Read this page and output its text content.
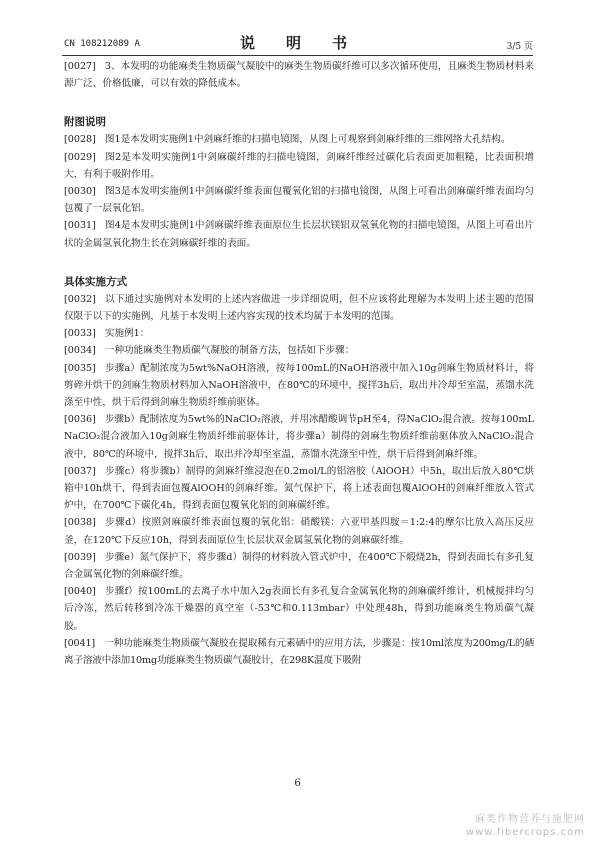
CN 108212089 A	说　明　书	3/5 页

[0027] 3、本发明的功能麻类生物质碳气凝胶中的麻类生物质碳纤维可以多次循环使用，且麻类生物质材料来源广泛、价格低廉，可以有效的降低成本。

附图说明

[0028] 图1是本发明实施例1中剑麻纤维的扫描电镜图，从图上可观察到剑麻纤维的三维网络大孔结构。

[0029] 图2是本发明实施例1中剑麻碳纤维的扫描电镜图，剑麻纤维经过碳化后表面更加粗糙，比表面积增大，有利于吸附作用。

[0030] 图3是本发明实施例1中剑麻碳纤维表面包覆氧化铝的扫描电镜图，从图上可看出剑麻碳纤维表面均匀包覆了一层氧化铝。

[0031] 图4是本发明实施例1中剑麻碳纤维表面原位生长层状镁铝双氢氧化物的扫描电镜图，从图上可看出片状的金属氢氧化物生长在剑麻碳纤维的表面。

具体实施方式

[0032] 以下通过实施例对本发明的上述内容做进一步详细说明，但不应该将此理解为本发明上述主题的范围仅限于以下的实施例，凡基于本发明上述内容实现的技术均属于本发明的范围。

[0033] 实施例1：

[0034] 一种功能麻类生物质碳气凝胶的制备方法，包括如下步骤：

[0035] 步骤a）配制浓度为5wt%NaOH溶液，按每100mL的NaOH溶液中加入10g剑麻生物质材料计，将剪碎并烘干的剑麻生物质材料加入NaOH溶液中，在80℃的环境中，搅拌3h后，取出并冷却至室温，蒸馏水洗涤至中性，烘干后得到剑麻生物质纤维前驱体。

[0036] 步骤b）配制浓度为5wt%的NaClO₂溶液，并用冰醋酸调节pH至4，得NaClO₂混合液。按每100mL NaClO₂混合液加入10g剑麻生物质纤维前驱体计，将步骤a）制得的剑麻生物质纤维前驱体放入NaClO₂混合液中，80℃的环境中，搅拌3h后，取出并冷却至室温，蒸馏水洗涤至中性，烘干后得到剑麻纤维。

[0037] 步骤c）将步骤b）制得的剑麻纤维浸泡在0.2mol/L的铝溶胶（AlOOH）中5h，取出后放入80℃烘箱中10h烘干，得到表面包覆AlOOH的剑麻纤维。氮气保护下，将上述表面包覆AlOOH的剑麻纤维放入管式炉中，在700℃下碳化4h，得到表面包覆氧化铝的剑麻碳纤维。

[0038] 步骤d）按照剑麻碳纤维表面包覆的氧化铝：硝酸镁：六亚甲基四胺＝1:2:4的摩尔比放入高压反应釜，在120℃下反应10h，得到表面原位生长层状双金属氢氧化物的剑麻碳纤维。

[0039] 步骤e）氮气保护下，将步骤d）制得的材料放入管式炉中，在400℃下煅烧2h，得到表面长有多孔复合金属氧化物的剑麻碳纤维。

[0040] 步骤f）按100mL的去离子水中加入2g表面长有多孔复合金属氧化物的剑麻碳纤维计，机械搅拌均匀后冷冻，然后转移到冷冻干燥器的真空室（-53℃和0.113mbar）中处理48h，得到功能麻类生物质碳气凝胶。

[0041] 一种功能麻类生物质碳气凝胶在提取稀有元素硒中的应用方法，步骤是：按10ml浓度为200mg/L的硒离子溶液中添加10mg功能麻类生物质碳气凝胶计，在298K温度下吸附

6
麻类作物营养与施肥网
www.fibercrops.com
